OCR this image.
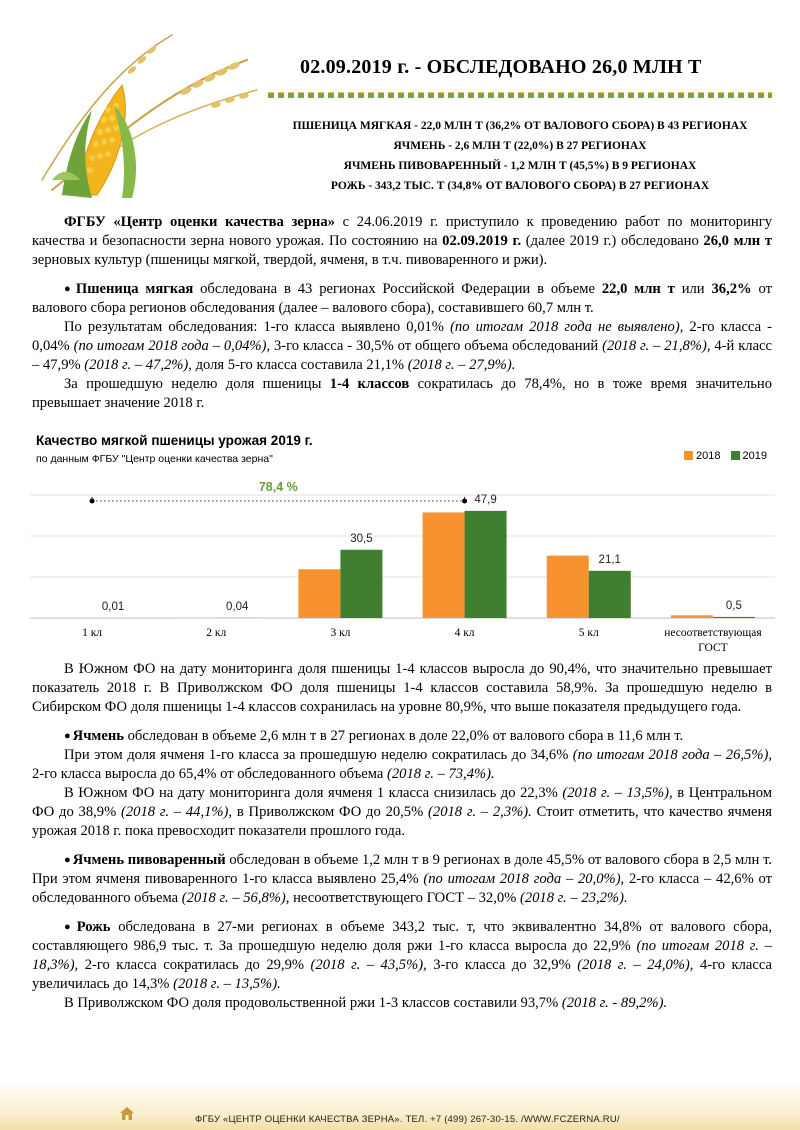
02.09.2019 г. - ОБСЛЕДОВАНО 26,0 МЛН Т
ПШЕНИЦА МЯГКАЯ - 22,0 МЛН Т (36,2% ОТ ВАЛОВОГО СБОРА) В 43 РЕГИОНАХ
ЯЧМЕНЬ - 2,6 МЛН Т (22,0%) В 27 РЕГИОНАХ
ЯЧМЕНЬ ПИВОВАРЕННЫЙ - 1,2 МЛН Т (45,5%) В 9 РЕГИОНАХ
РОЖЬ - 343,2 ТЫС. Т (34,8% ОТ ВАЛОВОГО СБОРА) В 27 РЕГИОНАХ

ФГБУ «Центр оценки качества зерна» с 24.06.2019 г. приступило к проведению работ по мониторингу качества и безопасности зерна нового урожая. По состоянию на 02.09.2019 г. (далее 2019 г.) обследовано 26,0 млн т зерновых культур (пшеницы мягкой, твердой, ячменя, в т.ч. пивоваренного и ржи).

● Пшеница мягкая обследована в 43 регионах Российской Федерации в объеме 22,0 млн т или 36,2% от валового сбора регионов обследования (далее – валового сбора), составившего 60,7 млн т.

По результатам обследования: 1-го класса выявлено 0,01% (по итогам 2018 года не выявлено), 2-го класса - 0,04% (по итогам 2018 года – 0,04%), 3-го класса - 30,5% от общего объема обследований (2018 г. – 21,8%), 4-й класс – 47,9% (2018 г. – 47,2%), доля 5-го класса составила 21,1% (2018 г. – 27,9%).

За прошедшую неделю доля пшеницы 1-4 классов сократилась до 78,4%, но в тоже время значительно превышает значение 2018 г.

Качество мягкой пшеницы урожая 2019 г.
по данным ФГБУ "Центр оценки качества зерна"	2018	2019
0,01
1 кл
0,04
2 кл
30,5
3 кл
47,9
4 кл
21,1
5 кл
0,5
несоответствующая
ГОСТ
78,4 %

В Южном ФО на дату мониторинга доля пшеницы 1-4 классов выросла до 90,4%, что значительно превышает показатель 2018 г. В Приволжском ФО доля пшеницы 1-4 классов составила 58,9%. За прошедшую неделю в Сибирском ФО доля пшеницы 1-4 классов сохранилась на уровне 80,9%, что выше показателя предыдущего года.

● Ячмень обследован в объеме 2,6 млн т в 27 регионах в доле 22,0% от валового сбора в 11,6 млн т.

При этом доля ячменя 1-го класса за прошедшую неделю сократилась до 34,6% (по итогам 2018 года – 26,5%), 2-го класса выросла до 65,4% от обследованного объема (2018 г. – 73,4%).

В Южном ФО на дату мониторинга доля ячменя 1 класса снизилась до 22,3% (2018 г. – 13,5%), в Центральном ФО до 38,9% (2018 г. – 44,1%), в Приволжском ФО до 20,5% (2018 г. – 2,3%). Стоит отметить, что качество ячменя урожая 2018 г. пока превосходит показатели прошлого года.

● Ячмень пивоваренный обследован в объеме 1,2 млн т в 9 регионах в доле 45,5% от валового сбора в 2,5 млн т. При этом ячменя пивоваренного 1-го класса выявлено 25,4% (по итогам 2018 года – 20,0%), 2-го класса – 42,6% от обследованного объема (2018 г. – 56,8%), несоответствующего ГОСТ – 32,0% (2018 г. – 23,2%).

● Рожь обследована в 27-ми регионах в объеме 343,2 тыс. т, что эквивалентно 34,8% от валового сбора, составляющего 986,9 тыс. т. За прошедшую неделю доля ржи 1-го класса выросла до 22,9% (по итогам 2018 г. – 18,3%), 2-го класса сократилась до 29,9% (2018 г. – 43,5%), 3-го класса до 32,9% (2018 г. – 24,0%), 4-го класса увеличилась до 14,3% (2018 г. – 13,5%).

В Приволжском ФО доля продовольственной ржи 1-3 классов составили 93,7% (2018 г. - 89,2%).

ФГБУ «ЦЕНТР ОЦЕНКИ КАЧЕСТВА ЗЕРНА». ТЕЛ. +7 (499) 267-30-15. /WWW.FCZERNA.RU/
